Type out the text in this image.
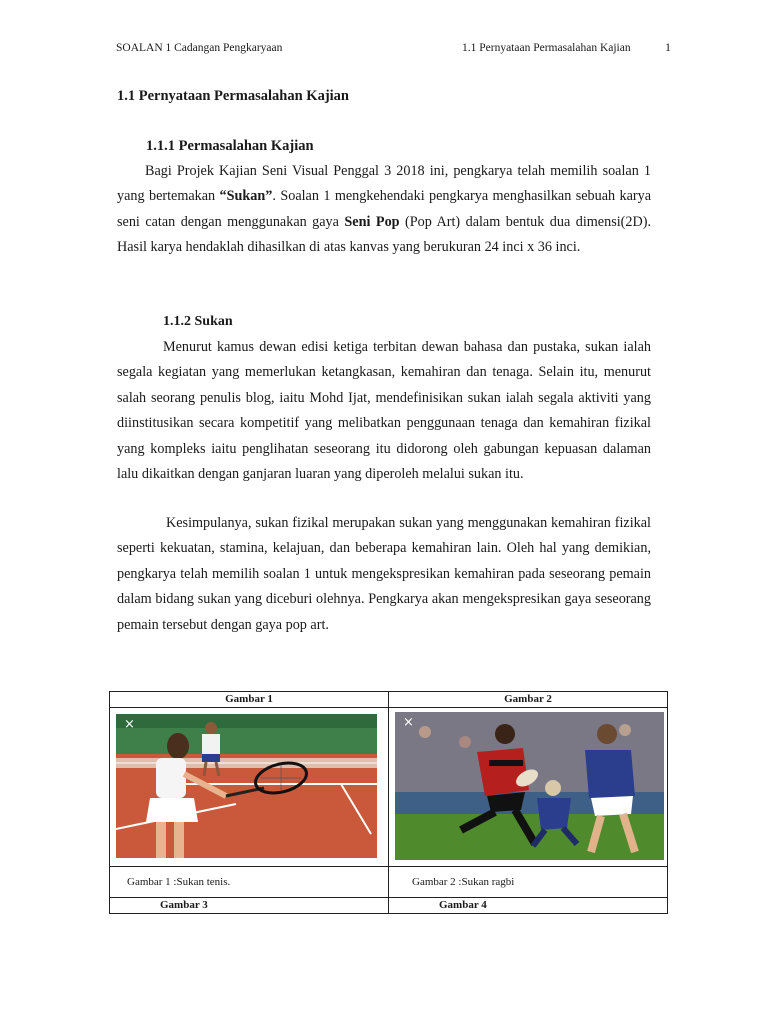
SOALAN 1 Cadangan Pengkaryaan	1.1 Pernyataan Permasalahan Kajian	1
1.1 Pernyataan Permasalahan Kajian
1.1.1 Permasalahan Kajian

Bagi Projek Kajian Seni Visual Penggal 3 2018 ini, pengkarya telah memilih soalan 1 yang bertemakan “Sukan”. Soalan 1 mengkehendaki pengkarya menghasilkan sebuah karya seni catan dengan menggunakan gaya Seni Pop (Pop Art) dalam bentuk dua dimensi(2D). Hasil karya hendaklah dihasilkan di atas kanvas yang berukuran 24 inci x 36 inci.

1.1.2 Sukan

Menurut kamus dewan edisi ketiga terbitan dewan bahasa dan pustaka, sukan ialah segala kegiatan yang memerlukan ketangkasan, kemahiran dan tenaga. Selain itu, menurut salah seorang penulis blog, iaitu Mohd Ijat, mendefinisikan sukan ialah segala aktiviti yang diinstitusikan secara kompetitif yang melibatkan penggunaan tenaga dan kemahiran fizikal yang kompleks iaitu penglihatan seseorang itu didorong oleh gabungan kepuasan dalaman lalu dikaitkan dengan ganjaran luaran yang diperoleh melalui sukan itu.

Kesimpulanya, sukan fizikal merupakan sukan yang menggunakan kemahiran fizikal seperti kekuatan, stamina, kelajuan, dan beberapa kemahiran lain. Oleh hal yang demikian, pengkarya telah memilih soalan 1 untuk mengekspresikan kemahiran pada seseorang pemain dalam bidang sukan yang diceburi olehnya. Pengkarya akan mengekspresikan gaya seseorang pemain tersebut dengan gaya pop art.

Gambar 1	Gambar 2

×	×

Gambar 1 :Sukan tenis.	Gambar 2 :Sukan ragbi
Gambar 3	Gambar 4
